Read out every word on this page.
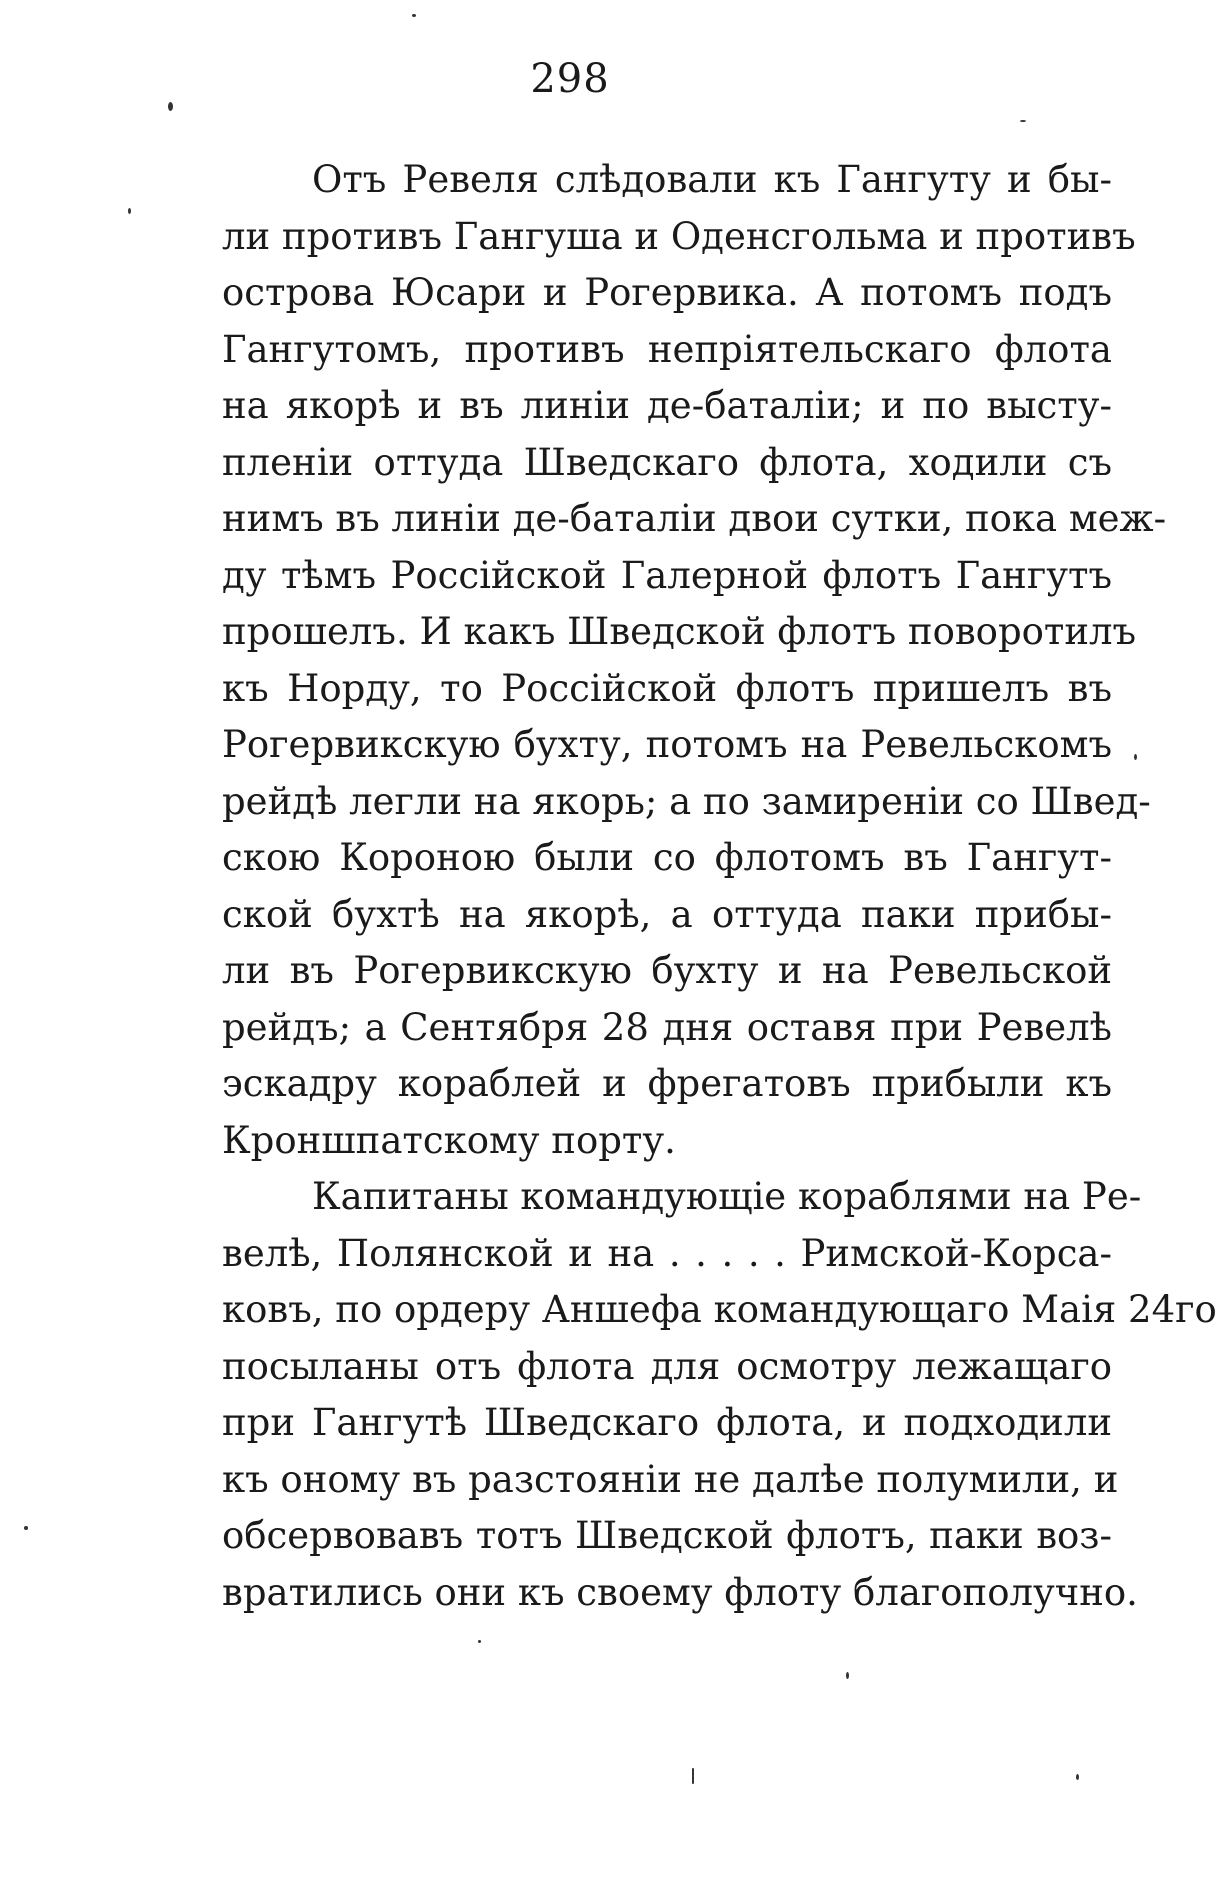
298
Отъ Ревеля слѣдовали къ Гангуту и бы-
ли противъ Гангуша и Оденсгольма и противъ
острова Юсари и Рогервика. А потомъ подъ
Гангутомъ, противъ непріятельскаго флота
на якорѣ и въ линіи де-баталіи; и по высту-
пленіи оттуда Шведскаго флота, ходили съ
нимъ въ линіи де-баталіи двои сутки, пока меж-
ду тѣмъ Россійской Галерной флотъ Гангутъ
прошелъ. И какъ Шведской флотъ поворотилъ
къ Норду, то Россійской флотъ пришелъ въ
Рогервикскую бухту, потомъ на Ревельскомъ
рейдѣ легли на якорь; а по замиреніи со Швед-
скою Короною были со флотомъ въ Гангут-
ской бухтѣ на якорѣ, а оттуда паки прибы-
ли въ Рогервикскую бухту и на Ревельской
рейдъ; а Сентября 28 дня оставя при Ревелѣ
эскадру кораблей и фрегатовъ прибыли къ
Кроншпатскому порту.
Капитаны командующіе кораблями на Ре-
велѣ, Полянской и на . . . . . Римской-Корса-
ковъ, по ордеру Аншефа командующаго Маія 24го
посыланы отъ флота для осмотру лежащаго
при Гангутѣ Шведскаго флота, и подходили
къ оному въ разстояніи не далѣе полумили, и
обсервовавъ тотъ Шведской флотъ, паки воз-
вратились они къ своему флоту благополучно.
